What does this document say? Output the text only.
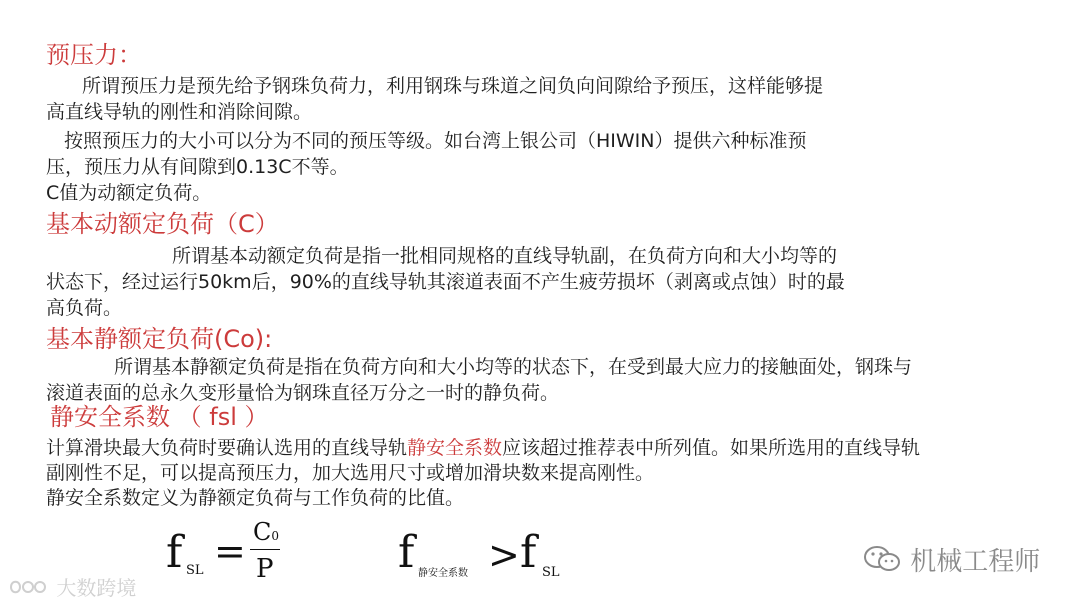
预压力：
所谓预压力是预先给予钢珠负荷力，利用钢珠与珠道之间负向间隙给予预压，这样能够提
高直线导轨的刚性和消除间隙。
按照预压力的大小可以分为不同的预压等级。如台湾上银公司（HIWIN）提供六种标准预
压，预压力从有间隙到0.13C不等。
C值为动额定负荷。
基本动额定负荷（C）
所谓基本动额定负荷是指一批相同规格的直线导轨副，在负荷方向和大小均等的
状态下，经过运行50km后，90%的直线导轨其滚道表面不产生疲劳损坏（剥离或点蚀）时的最
高负荷。
基本静额定负荷(Co):
所谓基本静额定负荷是指在负荷方向和大小均等的状态下，在受到最大应力的接触面处，钢珠与
滚道表面的总永久变形量恰为钢珠直径万分之一时的静负荷。
静安全系数 （ fsl ）
计算滑块最大负荷时要确认选用的直线导轨静安全系数应该超过推荐表中所列值。如果所选用的直线导轨
副刚性不足，可以提高预压力，加大选用尺寸或增加滑块数来提高刚性。
静安全系数定义为静额定负荷与工作负荷的比值。
f SL = C0
P	f 静安全系数 > f SL	机械工程师
大数跨境
